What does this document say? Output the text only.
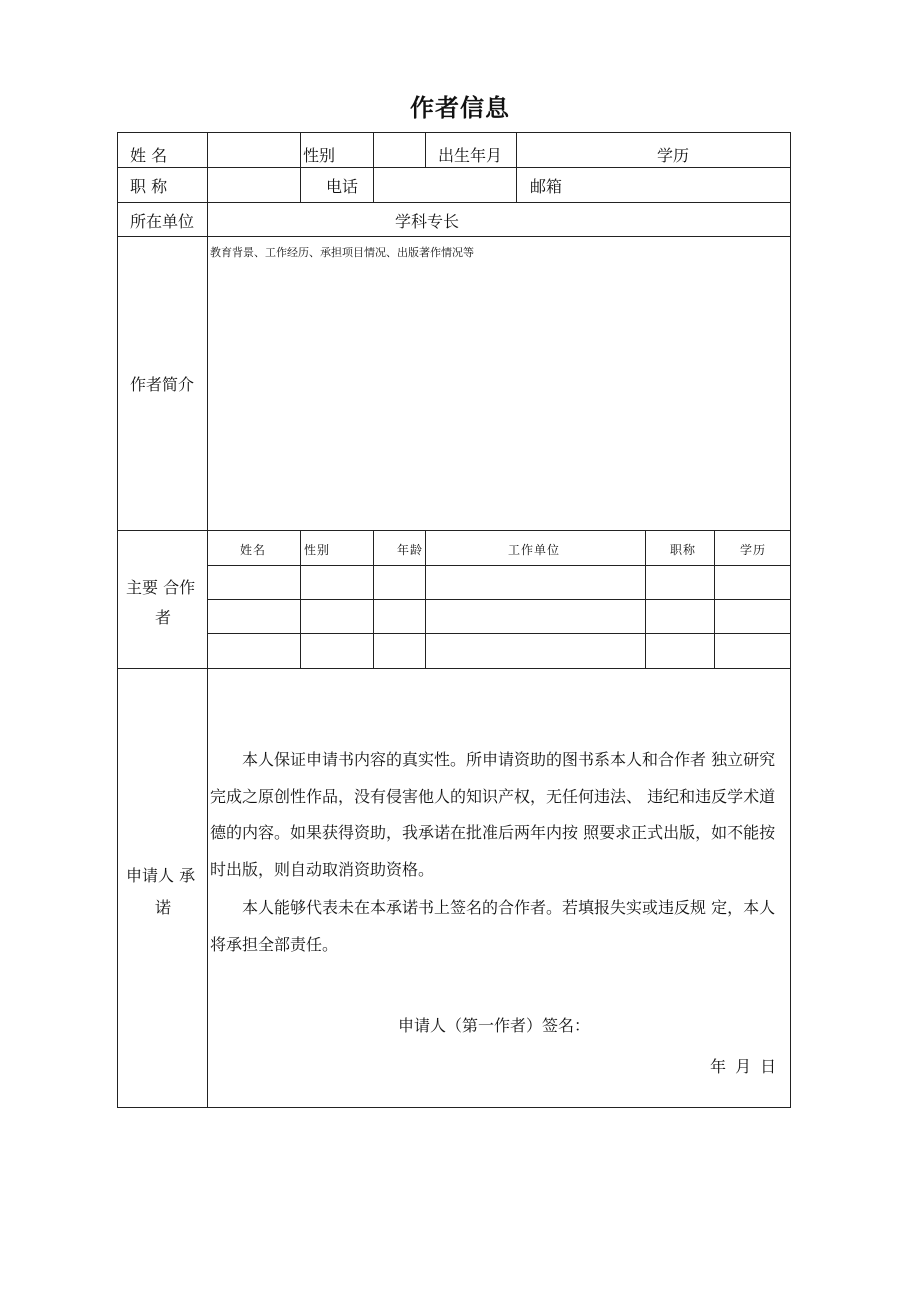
作者信息
姓 名	性别	出生年月	学历
职 称	电话	邮箱
所在单位	学科专长
作者简介
教育背景、工作经历、承担项目情况、出版著作情况等
主要 合作
者
姓名	性别	年龄	工作单位	职称	学历
申请人 承
诺

本人保证申请书内容的真实性。所申请资助的图书系本人和合作者 独立研究完成之原创性作品，没有侵害他人的知识产权，无任何违法、 违纪和违反学术道德的内容。如果获得资助，我承诺在批准后两年内按 照要求正式出版，如不能按时出版，则自动取消资助资格。

本人能够代表未在本承诺书上签名的合作者。若填报失实或违反规 定，本人将承担全部责任。

申请人（第一作者）签名：
年 月 日
